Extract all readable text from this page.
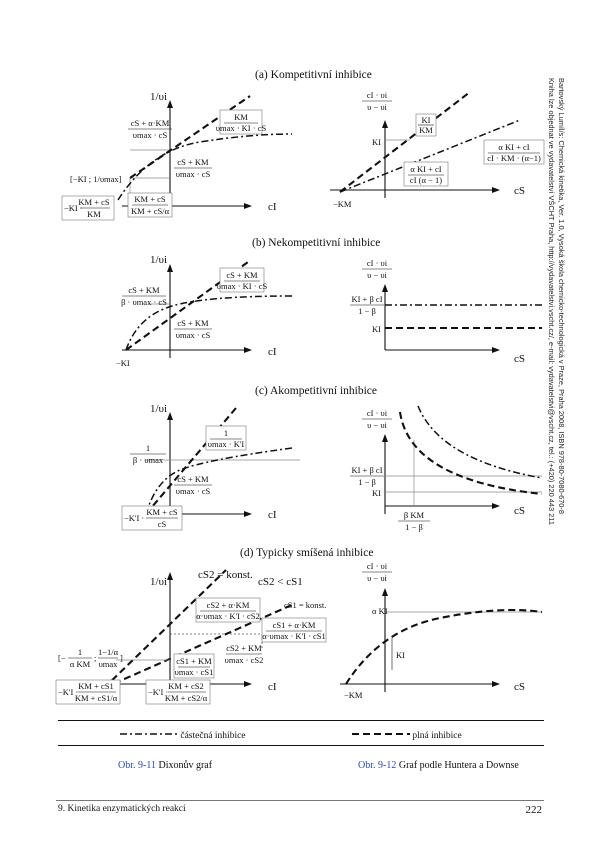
Bartovský Lumíl/s: Chemická kinetika, Ver. 1.0, Vysoká škola chemicko-technologická v Praze, Praha 2008, ISBN 978-80-7080-670-8
Kniha lze objednat ve vydavatelství VŠCHT Praha, http://vydavatelstvi.vscht.cz/, e-mail: vydavatelstvi@vscht.cz, tel.: (+420) 220 443 211
(a) Kompetitivní inhibice
1/υi
cI
KM
υmax · KI · cS
cS + α·KM
υmax · cS
cS + KM
υmax · cS
[−KI ; 1/υmax]
−KI ·
KM + cS
KM
KM + cS
KM + cS/α
cI · υi
υ − υi
cS
KI
KI
KM
α KI + cI
cI · KM · (α−1)
α KI + cI
cI (α − 1)
−KM
(b) Nekompetitivní inhibice
1/υi
cI
cS + KM
υmax · KI · cS
cS + KM
β · υmax · cS
cS + KM
υmax · cS
−KI
cI · υi
υ − υi
cS
KI + β cI
1 − β
KI
(c) Akompetitivní inhibice
1/υi
cI
1
υmax · K'I
1
β · υmax
cS + KM
υmax · cS
−K'I ·
KM + cS
cS
cI · υi
υ − υi
cS
KI + β cI
1 − β
KI
β KM
1 − β
(d) Typicky smíšená inhibice
1/υi
cI
cS2 = konst.
cS2 < cS1
cS1 = konst.
cS2 + α·KM
α·υmax · K'I · cS2
cS1 + α·KM
α·υmax · K'I · cS1
cS2 + KM
υmax · cS2
cS1 + KM
υmax · cS1
[−
1
α KM
;
1−1/α
υmax
]
−K'I ·
KM + cS1
KM + cS1/α
−K'I ·
KM + cS2
KM + cS2/α
cI · υi
υ − υi
cS
α KI
KI
−KM
částečná inhibice	plná inhibice
Obr. 9-11 Dixonův graf	Obr. 9-12 Graf podle Huntera a Downse
9. Kinetika enzymatických reakcí	222
